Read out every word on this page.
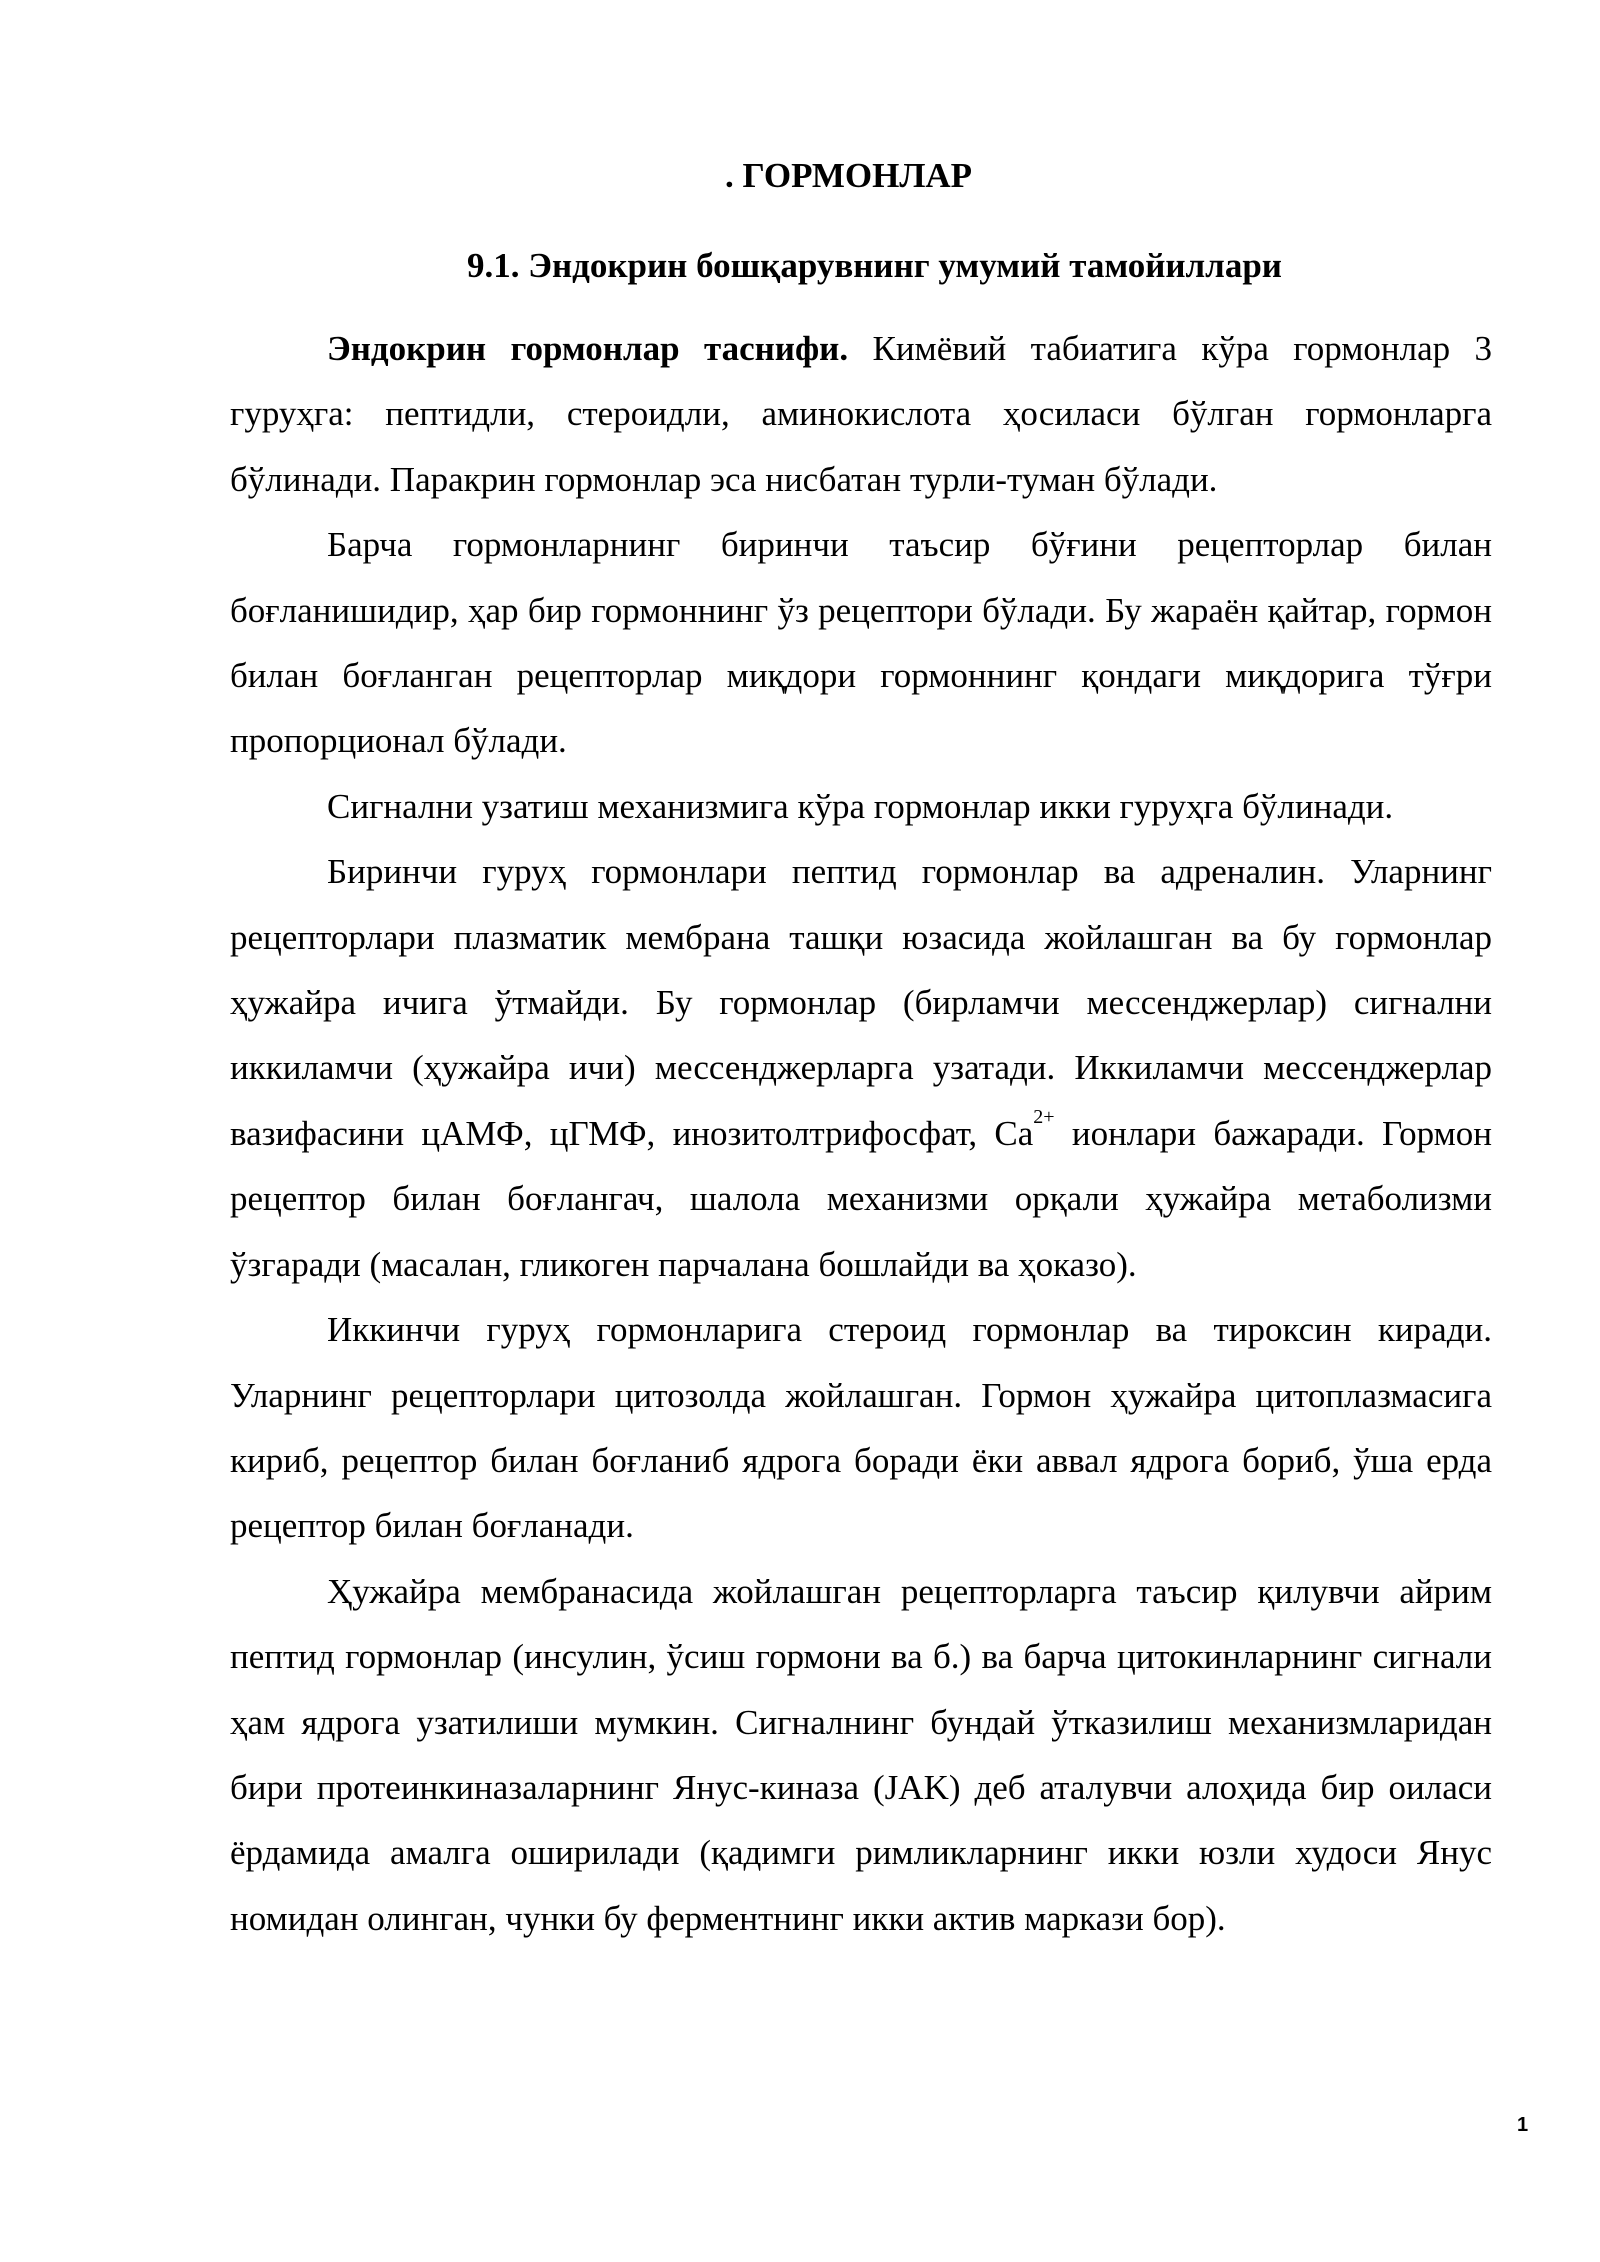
. ГОРМОНЛАР
9.1. Эндокрин бошқарувнинг умумий тамойиллари

Эндокрин гормонлар таснифи. Кимёвий табиатига кўра гормонлар 3 гуруҳга: пептидли, стероидли, аминокислота ҳосиласи бўлган гормонларга бўлинади. Паракрин гормонлар эса нисбатан турли-туман бўлади.

Барча гормонларнинг биринчи таъсир бўғини рецепторлар билан боғланишидир, ҳар бир гормоннинг ўз рецептори бўлади. Бу жараён қайтар, гормон билан боғланган рецепторлар миқдори гормоннинг қондаги миқдорига тўғри пропорционал бўлади.

Сигнални узатиш механизмига кўра гормонлар икки гуруҳга бўлинади.

Биринчи гуруҳ гормонлари пептид гормонлар ва адреналин. Уларнинг рецепторлари плазматик мембрана ташқи юзасида жойлашган ва бу гормонлар ҳужайра ичига ўтмайди. Бу гормонлар (бирламчи мессенджерлар) сигнални иккиламчи (ҳужайра ичи) мессенджерларга узатади. Иккиламчи мессенджерлар вазифасини цАМФ, цГМФ, инозитолтрифосфат, $Са^{2+}$ ионлари бажаради. Гормон рецептор билан боғлангач, шалола механизми орқали ҳужайра метаболизми ўзгаради (масалан, гликоген парчалана бошлайди ва ҳоказо).

Иккинчи гуруҳ гормонларига стероид гормонлар ва тироксин киради. Уларнинг рецепторлари цитозолда жойлашган. Гормон ҳужайра цитоплазмасига кириб, рецептор билан боғланиб ядрога боради ёки аввал ядрога бориб, ўша ерда рецептор билан боғланади.

Ҳужайра мембранасида жойлашган рецепторларга таъсир қилувчи айрим пептид гормонлар (инсулин, ўсиш гормони ва б.) ва барча цитокинларнинг сигнали ҳам ядрога узатилиши мумкин. Сигналнинг бундай ўтказилиш механизмларидан бири протеинкиназаларнинг Янус-киназа (JAK) деб аталувчи алоҳида бир оиласи ёрдамида амалга оширилади (қадимги римликларнинг икки юзли худоси Янус номидан олинган, чунки бу ферментнинг икки актив маркази бор).

1
